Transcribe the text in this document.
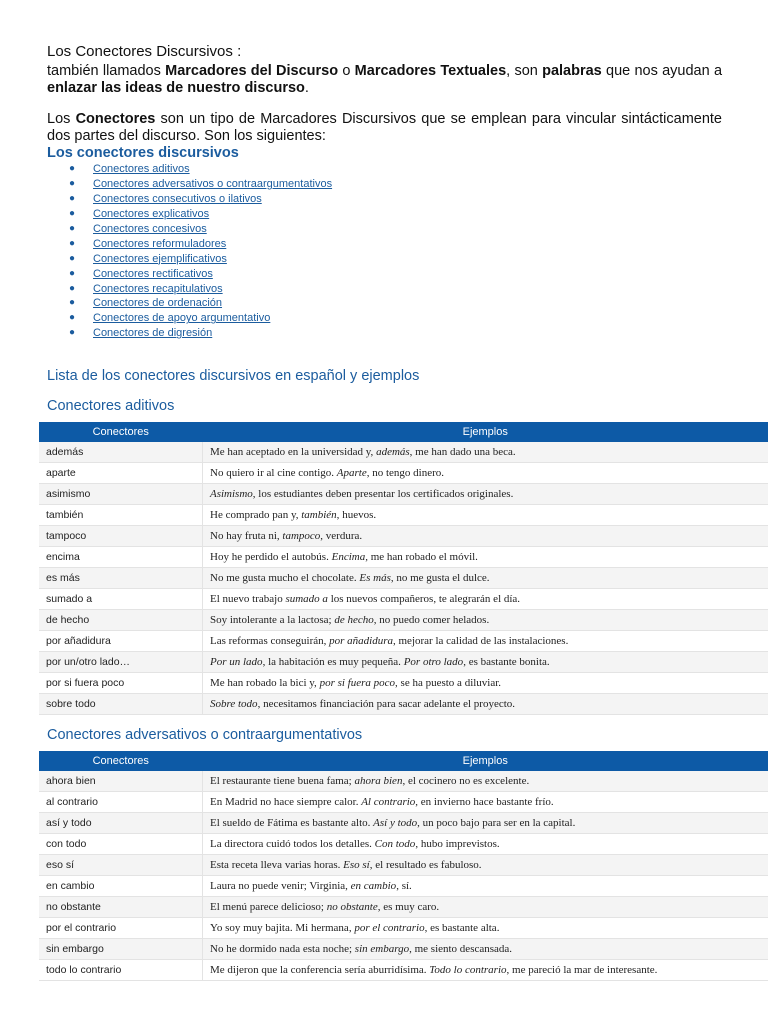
Los Conectores Discursivos :
también llamados Marcadores del Discurso o Marcadores Textuales, son palabras que nos ayudan a enlazar las ideas de nuestro discurso.
Los Conectores son un tipo de Marcadores Discursivos que se emplean para vincular sintácticamente dos partes del discurso. Son los siguientes:
Los conectores discursivos
● Conectores aditivos
● Conectores adversativos o contraargumentativos
● Conectores consecutivos o ilativos
● Conectores explicativos
● Conectores concesivos
● Conectores reformuladores
● Conectores ejemplificativos
● Conectores rectificativos
● Conectores recapitulativos
● Conectores de ordenación
● Conectores de apoyo argumentativo
● Conectores de digresión
Lista de los conectores discursivos en español y ejemplos
Conectores aditivos
Conectores	Ejemplos
además	Me han aceptado en la universidad y, además, me han dado una beca.
aparte	No quiero ir al cine contigo. Aparte, no tengo dinero.
asimismo	Asimismo, los estudiantes deben presentar los certificados originales.
también	He comprado pan y, también, huevos.
tampoco	No hay fruta ni, tampoco, verdura.
encima	Hoy he perdido el autobús. Encima, me han robado el móvil.
es más	No me gusta mucho el chocolate. Es más, no me gusta el dulce.
sumado a	El nuevo trabajo sumado a los nuevos compañeros, te alegrarán el día.
de hecho	Soy intolerante a la lactosa; de hecho, no puedo comer helados.
por añadidura	Las reformas conseguirán, por añadidura, mejorar la calidad de las instalaciones.
por un/otro lado…	Por un lado, la habitación es muy pequeña. Por otro lado, es bastante bonita.
por si fuera poco	Me han robado la bici y, por si fuera poco, se ha puesto a diluviar.
sobre todo	Sobre todo, necesitamos financiación para sacar adelante el proyecto.
Conectores adversativos o contraargumentativos
Conectores	Ejemplos
ahora bien	El restaurante tiene buena fama; ahora bien, el cocinero no es excelente.
al contrario	En Madrid no hace siempre calor. Al contrario, en invierno hace bastante frío.
así y todo	El sueldo de Fátima es bastante alto. Así y todo, un poco bajo para ser en la capital.
con todo	La directora cuidó todos los detalles. Con todo, hubo imprevistos.
eso sí	Esta receta lleva varias horas. Eso sí, el resultado es fabuloso.
en cambio	Laura no puede venir; Virginia, en cambio, sí.
no obstante	El menú parece delicioso; no obstante, es muy caro.
por el contrario	Yo soy muy bajita. Mi hermana, por el contrario, es bastante alta.
sin embargo	No he dormido nada esta noche; sin embargo, me siento descansada.
todo lo contrario	Me dijeron que la conferencia sería aburridísima. Todo lo contrario, me pareció la mar de interesante.
